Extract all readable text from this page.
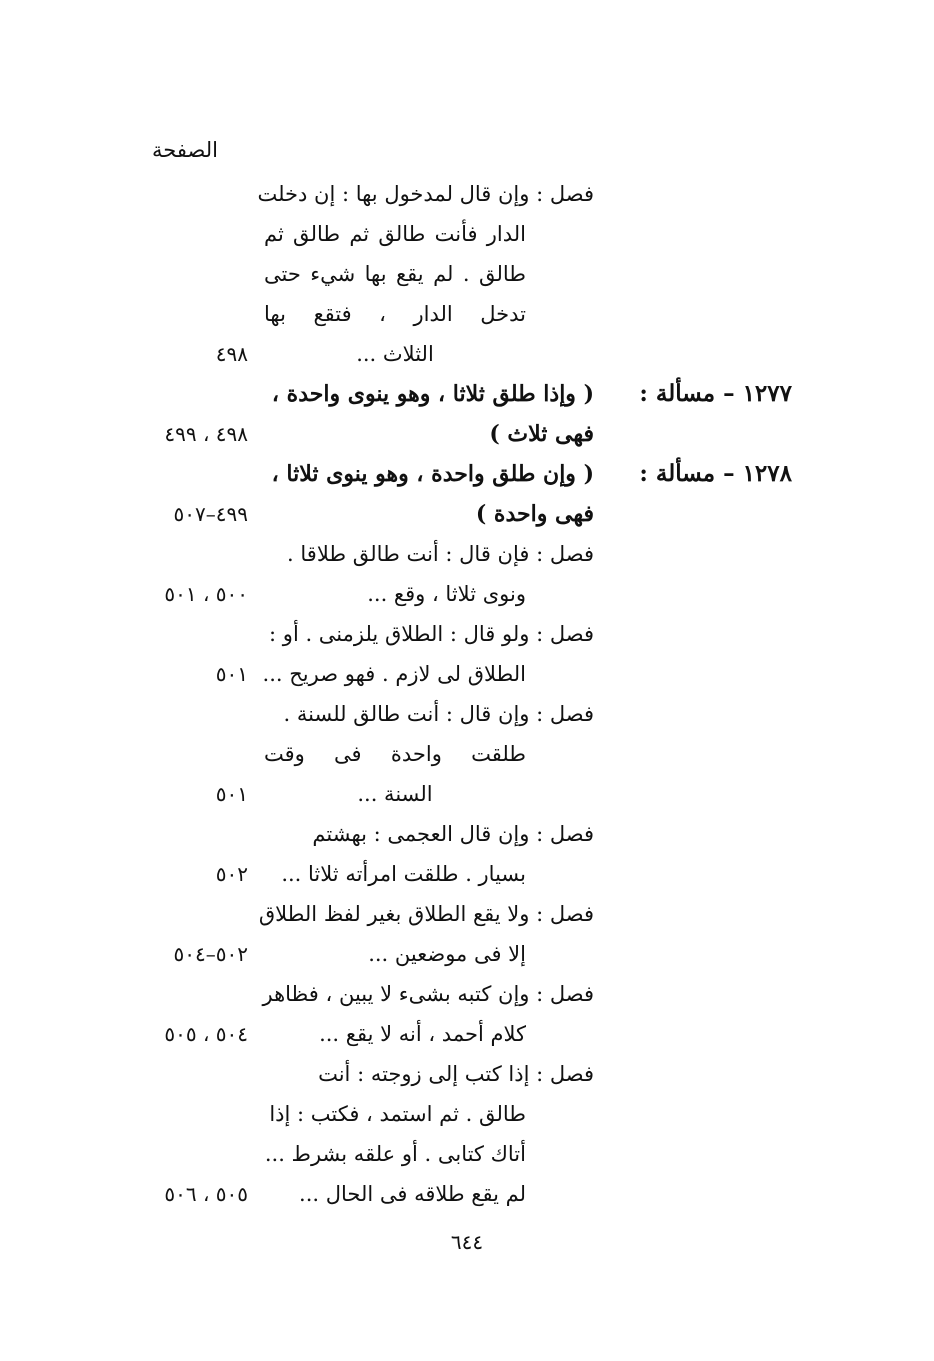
الصفحة
فصل : وإن قال لمدخول بها : إن دخلت
الدار فأنت طالق ثم طالق ثم
طالق . لم يقع بها شيء حتى
تدخل الدار ، فتقع بها
الثلاث ...
٤٩٨
١٢٧٧ – مسألة :
( وإذا طلق ثلاثا ، وهو ينوى واحدة ،
فهى ثلاث )
٤٩٨ ، ٤٩٩
١٢٧٨ – مسألة :
( وإن طلق واحدة ، وهو ينوى ثلاثا ،
فهى واحدة )
٤٩٩–٥٠٧
فصل : فإن قال : أنت طالق طلاقا .
ونوى ثلاثا ، وقع ...
٥٠٠ ، ٥٠١
فصل : ولو قال : الطلاق يلزمنى . أو :
الطلاق لى لازم . فهو صريح ...
٥٠١
فصل : وإن قال : أنت طالق للسنة .
طلقت واحدة فى وقت
السنة ...
٥٠١
فصل : وإن قال العجمى : بهشتم
بسيار . طلقت امرأته ثلاثا ...
٥٠٢
فصل : ولا يقع الطلاق بغير لفظ الطلاق
إلا فى موضعين ...
٥٠٢–٥٠٤
فصل : وإن كتبه بشىء لا يبين ، فظاهر
كلام أحمد ، أنه لا يقع ...
٥٠٤ ، ٥٠٥
فصل : إذا كتب إلى زوجته : أنت
طالق . ثم استمد ، فكتب : إذا
أتاك كتابى . أو علقه بشرط ...
لم يقع طلاقه فى الحال ...
٥٠٥ ، ٥٠٦
٦٤٤
